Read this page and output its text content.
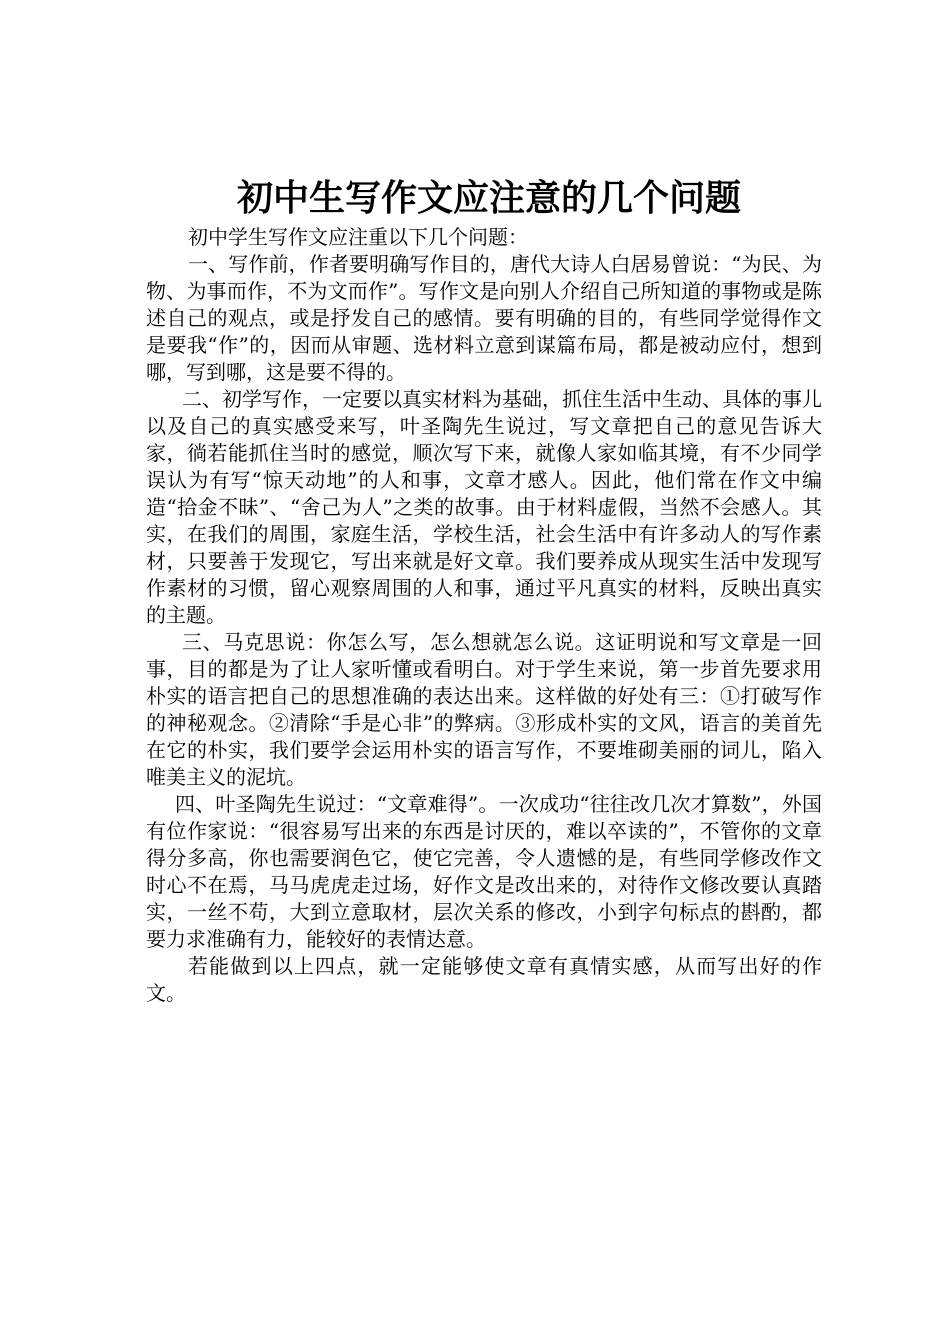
初中生写作文应注意的几个问题

初中学生写作文应注重以下几个问题：

一、写作前，作者要明确写作目的，唐代大诗人白居易曾说：“为民、为物、为事而作，不为文而作”。写作文是向别人介绍自己所知道的事物或是陈述自己的观点，或是抒发自己的感情。要有明确的目的，有些同学觉得作文是要我“作”的，因而从审题、选材料立意到谋篇布局，都是被动应付，想到哪，写到哪，这是要不得的。

二、初学写作，一定要以真实材料为基础，抓住生活中生动、具体的事儿以及自己的真实感受来写，叶圣陶先生说过，写文章把自己的意见告诉大家，徜若能抓住当时的感觉，顺次写下来，就像人家如临其境，有不少同学误认为有写“惊天动地”的人和事，文章才感人。因此，他们常在作文中编造“拾金不昧”、“舍己为人”之类的故事。由于材料虚假，当然不会感人。其实，在我们的周围，家庭生活，学校生活，社会生活中有许多动人的写作素材，只要善于发现它，写出来就是好文章。我们要养成从现实生活中发现写作素材的习惯，留心观察周围的人和事，通过平凡真实的材料，反映出真实的主题。

三、马克思说：你怎么写，怎么想就怎么说。这证明说和写文章是一回事，目的都是为了让人家听懂或看明白。对于学生来说，第一步首先要求用朴实的语言把自己的思想准确的表达出来。这样做的好处有三：①打破写作的神秘观念。②清除“手是心非”的弊病。③形成朴实的文风，语言的美首先在它的朴实，我们要学会运用朴实的语言写作，不要堆砌美丽的词儿，陷入唯美主义的泥坑。

四、叶圣陶先生说过：“文章难得”。一次成功“往往改几次才算数”，外国有位作家说：“很容易写出来的东西是讨厌的，难以卒读的”，不管你的文章得分多高，你也需要润色它，使它完善，令人遗憾的是，有些同学修改作文时心不在焉，马马虎虎走过场，好作文是改出来的，对待作文修改要认真踏实，一丝不苟，大到立意取材，层次关系的修改，小到字句标点的斟酌，都要力求准确有力，能较好的表情达意。

若能做到以上四点，就一定能够使文章有真情实感，从而写出好的作文。
